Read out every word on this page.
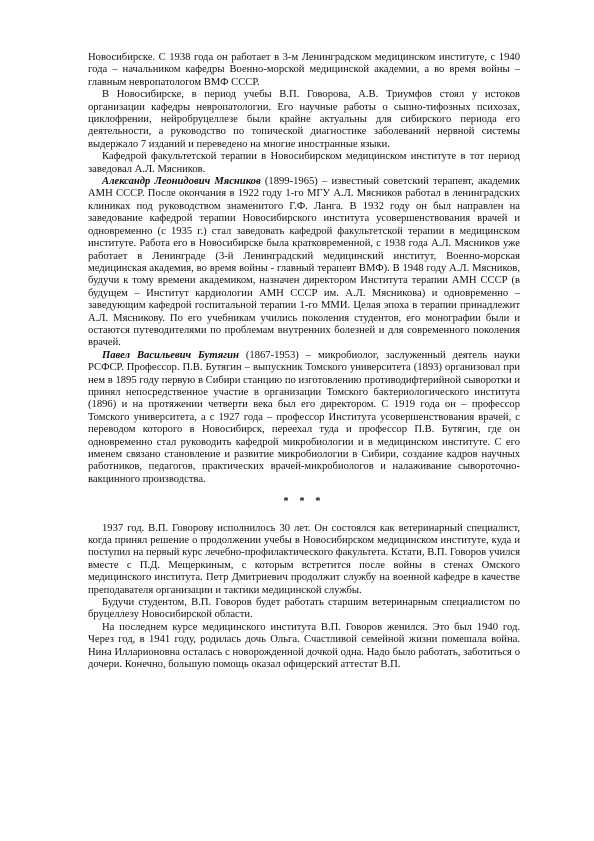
Новосибирске. С 1938 года он работает в 3-м Ленинградском медицинском институте, с 1940 года – начальником кафедры Военно-морской медицинской академии, а во время войны – главным невропатологом ВМФ СССР.

В Новосибирске, в период учебы В.П. Говорова, А.В. Триумфов стоял у истоков организации кафедры невропатологии. Его научные работы о сыпно-тифозных психозах, циклофрении, нейробруцеллезе были крайне актуальны для сибирского периода его деятельности, а руководство по топической диагностике заболеваний нервной системы выдержало 7 изданий и переведено на многие иностранные языки.

Кафедрой факультетской терапии в Новосибирском медицинском институте в тот период заведовал А.Л. Мясников.

Александр Леонидович Мясников (1899-1965) – известный советский терапевт, академик АМН СССР. После окончания в 1922 году 1-го МГУ А.Л. Мясников работал в ленинградских клиниках под руководством знаменитого Г.Ф. Ланга. В 1932 году он был направлен на заведование кафедрой терапии Новосибирского института усовершенствования врачей и одновременно (с 1935 г.) стал заведовать кафедрой факультетской терапии в медицинском институте. Работа его в Новосибирске была кратковременной, с 1938 года А.Л. Мясников уже работает в Ленинграде (3-й Ленинградский медицинский институт, Военно-морская медицинская академия, во время войны - главный терапевт ВМФ). В 1948 году А.Л. Мясников, будучи к тому времени академиком, назначен директором Института терапии АМН СССР (в будущем – Институт кардиологии АМН СССР им. А.Л. Мясникова) и одновременно – заведующим кафедрой госпитальной терапии 1-го ММИ. Целая эпоха в терапии принадлежит А.Л. Мясникову. По его учебникам учились поколения студентов, его монографии были и остаются путеводителями по проблемам внутренних болезней и для современного поколения врачей.

Павел Васильевич Бутягин (1867-1953) – микробиолог, заслуженный деятель науки РСФСР. Профессор. П.В. Бутягин – выпускник Томского университета (1893) организовал при нем в 1895 году первую в Сибири станцию по изготовлению противодифтерийной сыворотки и принял непосредственное участие в организации Томского бактериологического института (1896) и на протяжении четверти века был его директором. С 1919 года он – профессор Томского университета, а с 1927 года – профессор Института усовершенствования врачей, с переводом которого в Новосибирск, переехал туда и профессор П.В. Бутягин, где он одновременно стал руководить кафедрой микробиологии и в медицинском институте. С его именем связано становление и развитие микробиологии в Сибири, создание кадров научных работников, педагогов, практических врачей-микробиологов и налаживание сывороточно-вакцинного производства.

* * *

1937 год. В.П. Говорову исполнилось 30 лет. Он состоялся как ветеринарный специалист, когда принял решение о продолжении учебы в Новосибирском медицинском институте, куда и поступил на первый курс лечебно-профилактического факультета. Кстати, В.П. Говоров учился вместе с П.Д. Мещеркиным, с которым встретится после войны в стенах Омского медицинского института. Петр Дмитриевич продолжит службу на военной кафедре в качестве преподавателя организации и тактики медицинской службы.

Будучи студентом, В.П. Говоров будет работать старшим ветеринарным специалистом по бруцеллезу Новосибирской области.

На последнем курсе медицинского института В.П. Говоров женился. Это был 1940 год. Через год, в 1941 году, родилась дочь Ольга. Счастливой семейной жизни помешала война. Нина Илларионовна осталась с новорожденной дочкой одна. Надо было работать, заботиться о дочери. Конечно, большую помощь оказал офицерский аттестат В.П.
